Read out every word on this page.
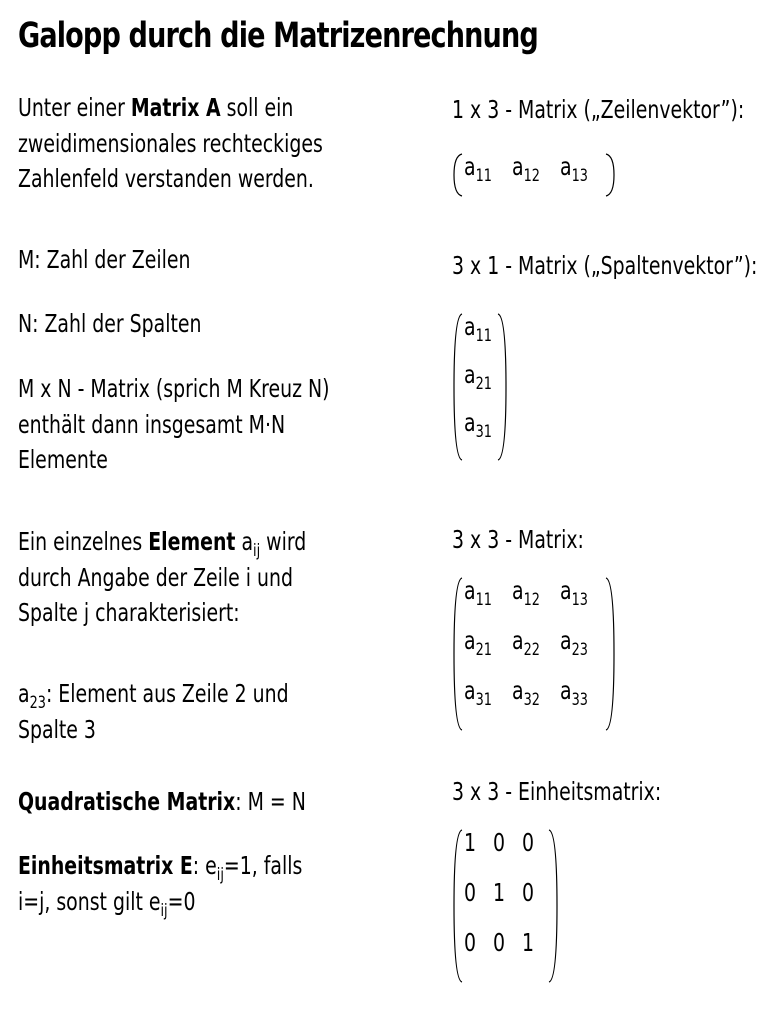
Galopp durch die Matrizenrechnung
Unter einer Matrix A soll ein
zweidimensionales rechteckiges
Zahlenfeld verstanden werden.
M: Zahl der Zeilen
N: Zahl der Spalten
M x N - Matrix (sprich M Kreuz N)
enthält dann insgesamt M·N
Elemente
Ein einzelnes Element $a_{ij}$ wird
durch Angabe der Zeile i und
Spalte j charakterisiert:
$a_{23}$: Element aus Zeile 2 und
Spalte 3
Quadratische Matrix: M = N
Einheitsmatrix E: $e_{ij}=1$, falls
i=j, sonst gilt $e_{ij}=0$
1 x 3 - Matrix („Zeilenvektor”):
$a_{11}$ $a_{12}$ $a_{13}$
3 x 1 - Matrix („Spaltenvektor”):
$a_{11}$
$a_{21}$
$a_{31}$
3 x 3 - Matrix:
$a_{11}$ $a_{12}$ $a_{13}$
$a_{21}$ $a_{22}$ $a_{23}$
$a_{31}$ $a_{32}$ $a_{33}$
3 x 3 - Einheitsmatrix:
1 0 0
0 1 0
0 0 1
